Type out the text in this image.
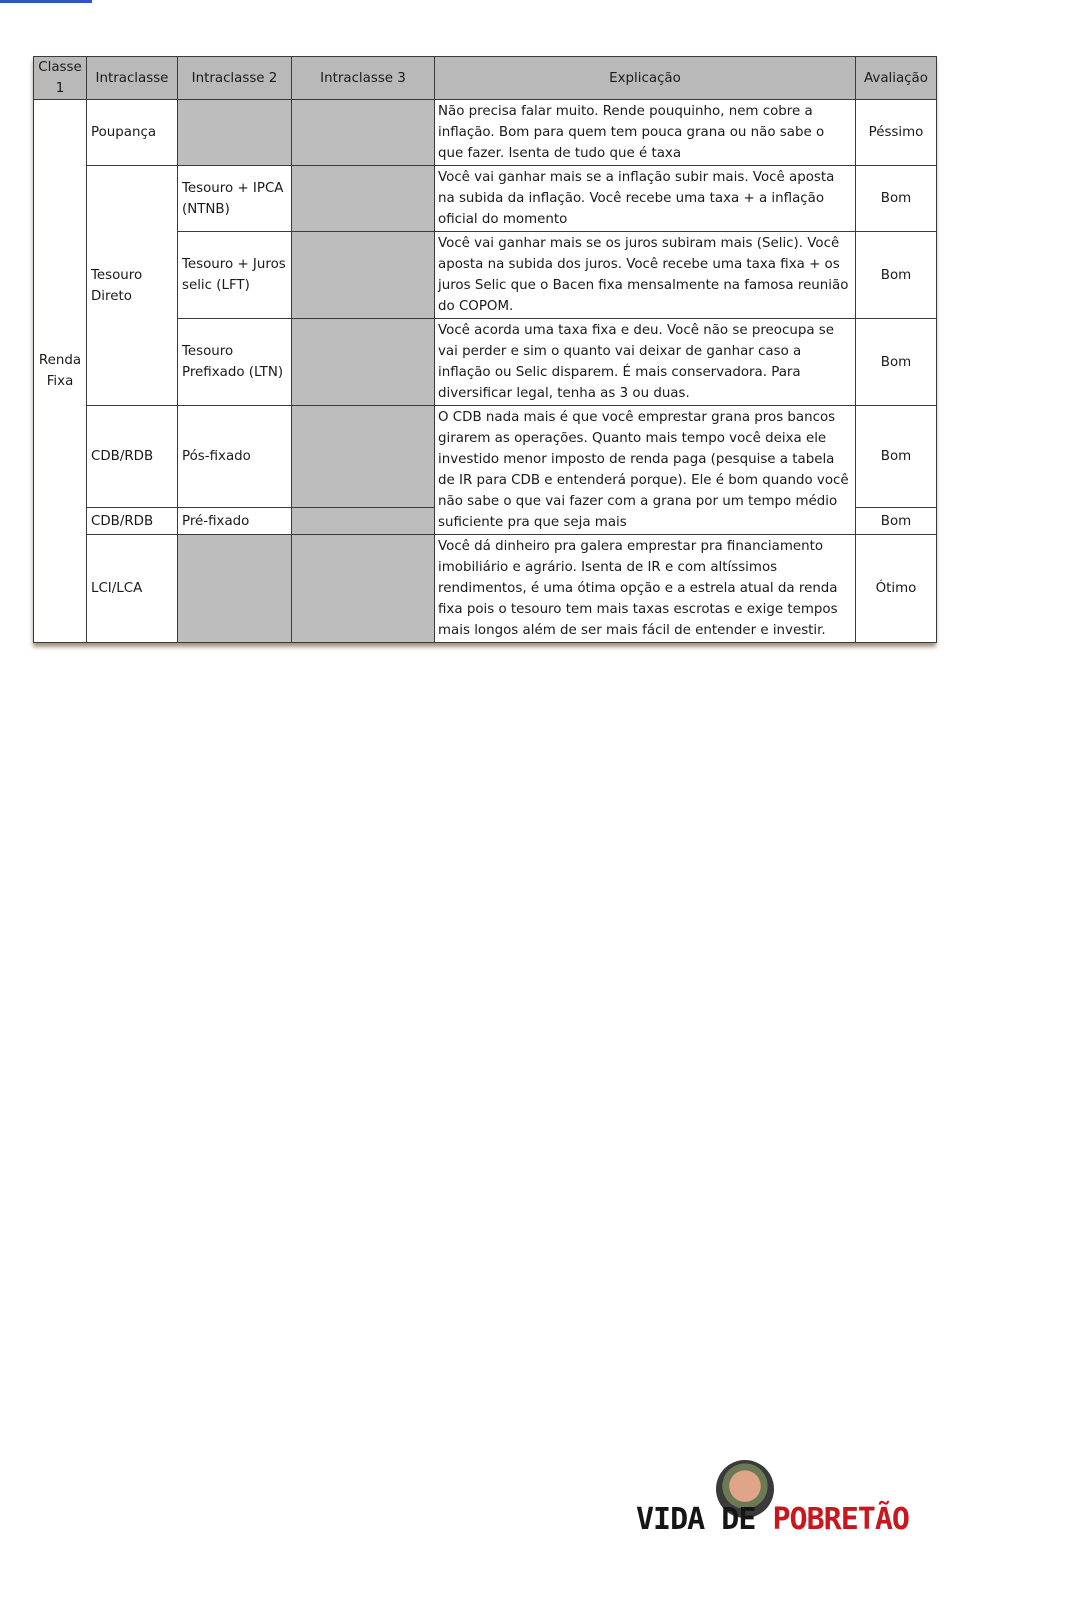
Classe 1	Intraclasse	Intraclasse 2	Intraclasse 3	Explicação	Avaliação
Renda Fixa	Poupança			Não precisa falar muito. Rende pouquinho, nem cobre a inflação. Bom para quem tem pouca grana ou não sabe o que fazer. Isenta de tudo que é taxa	Péssimo
	Tesouro Direto	Tesouro + IPCA (NTNB)		Você vai ganhar mais se a inflação subir mais. Você aposta na subida da inflação. Você recebe uma taxa + a inflação oficial do momento	Bom
		Tesouro + Juros selic (LFT)		Você vai ganhar mais se os juros subiram mais (Selic). Você aposta na subida dos juros. Você recebe uma taxa fixa + os juros Selic que o Bacen fixa mensalmente na famosa reunião do COPOM.	Bom
		Tesouro Prefixado (LTN)		Você acorda uma taxa fixa e deu. Você não se preocupa se vai perder e sim o quanto vai deixar de ganhar caso a inflação ou Selic disparem. É mais conservadora. Para diversificar legal, tenha as 3 ou duas.	Bom
	CDB/RDB	Pós-fixado		O CDB nada mais é que você emprestar grana pros bancos girarem as operações. Quanto mais tempo você deixa ele investido menor imposto de renda paga (pesquise a tabela de IR para CDB e entenderá porque). Ele é bom quando você não sabe o que vai fazer com a grana por um tempo médio suficiente pra que seja mais	Bom
	CDB/RDB	Pré-fixado			Bom
	LCI/LCA			Você dá dinheiro pra galera emprestar pra financiamento imobiliário e agrário. Isenta de IR e com altíssimos rendimentos, é uma ótima opção e a estrela atual da renda fixa pois o tesouro tem mais taxas escrotas e exige tempos mais longos além de ser mais fácil de entender e investir.	Ótimo
VIDA DE POBRETÃO
